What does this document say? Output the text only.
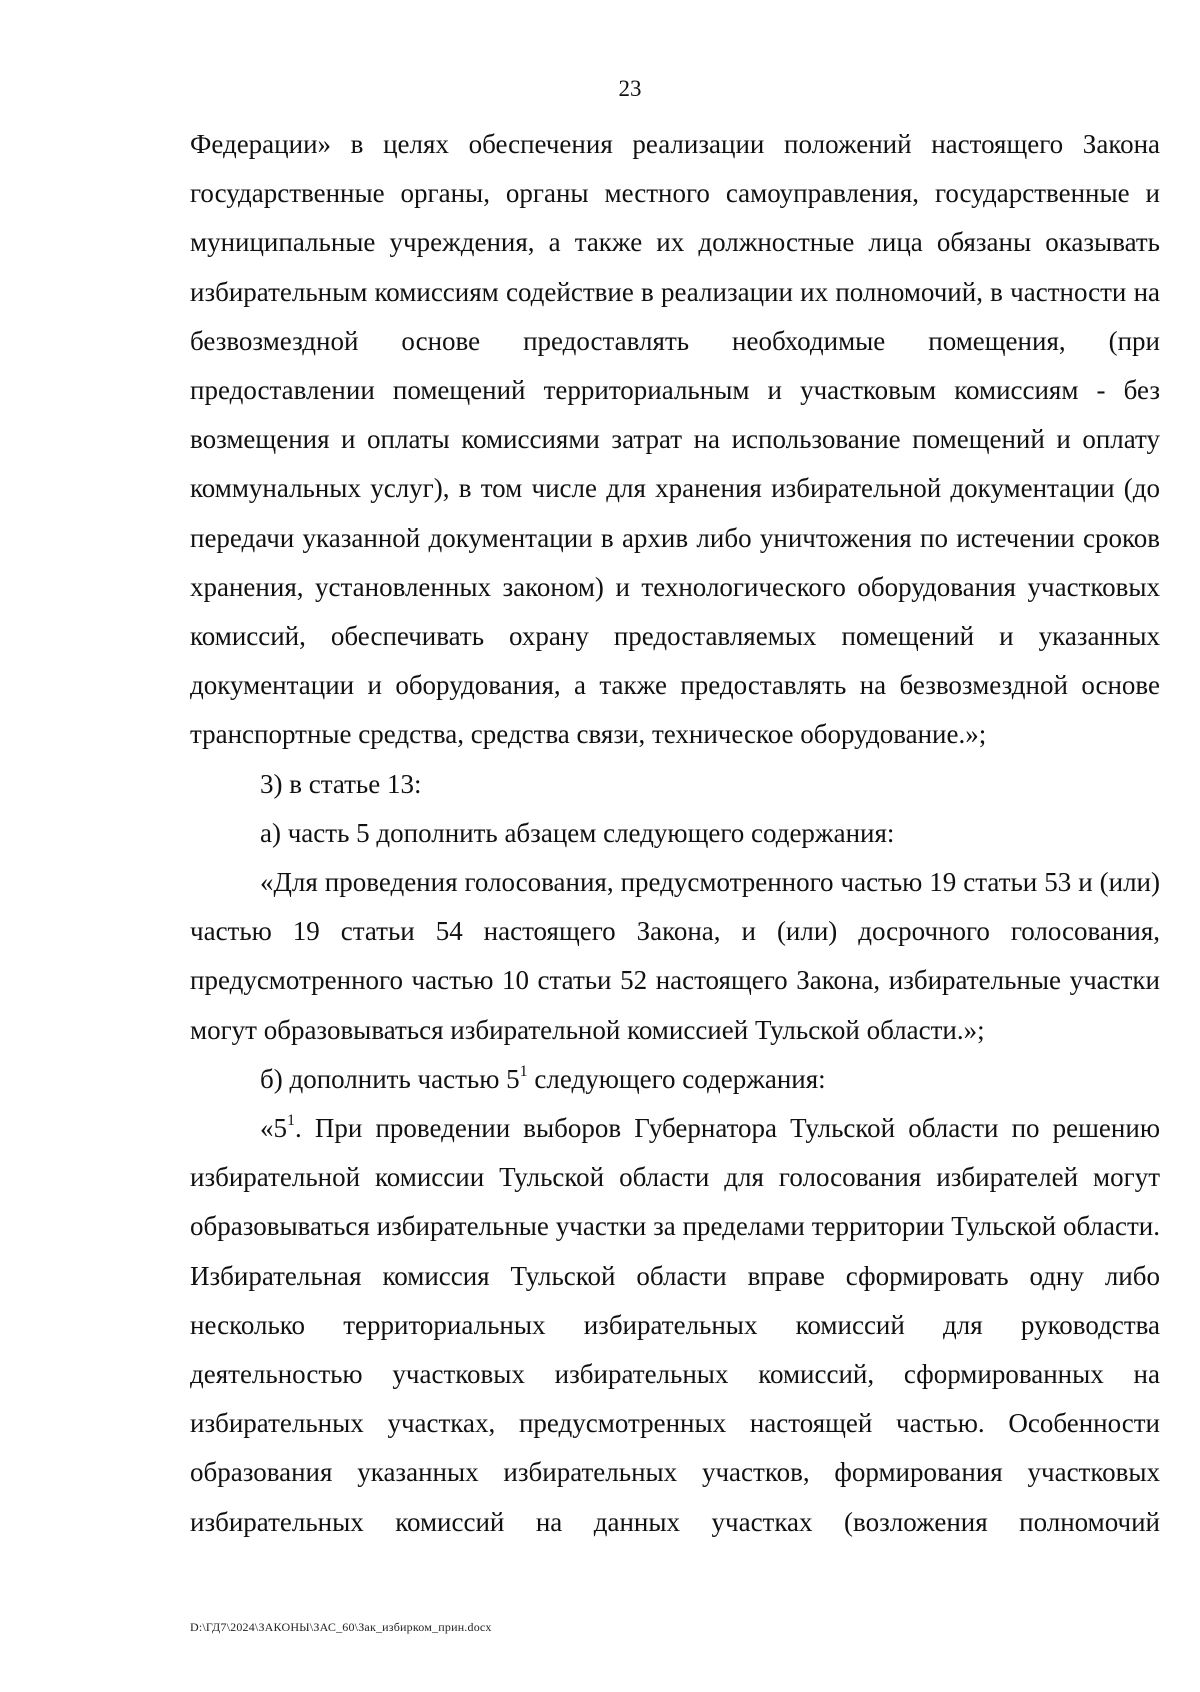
23

Федерации» в целях обеспечения реализации положений настоящего Закона государственные органы, органы местного самоуправления, государственные и муниципальные учреждения, а также их должностные лица обязаны оказывать избирательным комиссиям содействие в реализации их полномочий, в частности на безвозмездной основе предоставлять необходимые помещения, (при предоставлении помещений территориальным и участковым комиссиям - без возмещения и оплаты комиссиями затрат на использование помещений и оплату коммунальных услуг), в том числе для хранения избирательной документации (до передачи указанной документации в архив либо уничтожения по истечении сроков хранения, установленных законом) и технологического оборудования участковых комиссий, обеспечивать охрану предоставляемых помещений и указанных документации и оборудования, а также предоставлять на безвозмездной основе транспортные средства, средства связи, техническое оборудование.»;

3) в статье 13:

а) часть 5 дополнить абзацем следующего содержания:

«Для проведения голосования, предусмотренного частью 19 статьи 53 и (или) частью 19 статьи 54 настоящего Закона, и (или) досрочного голосования, предусмотренного частью 10 статьи 52 настоящего Закона, избирательные участки могут образовываться избирательной комиссией Тульской области.»;

б) дополнить частью $5^1$ следующего содержания:

«$5^1$. При проведении выборов Губернатора Тульской области по решению избирательной комиссии Тульской области для голосования избирателей могут образовываться избирательные участки за пределами территории Тульской области. Избирательная комиссия Тульской области вправе сформировать одну либо несколько территориальных избирательных комиссий для руководства деятельностью участковых избирательных комиссий, сформированных на избирательных участках, предусмотренных настоящей частью. Особенности образования указанных избирательных участков, формирования участковых избирательных комиссий на данных участках (возложения полномочий

D:\ГД7\2024\ЗАКОНЫ\ЗАС_60\Зак_избирком_прин.docx
